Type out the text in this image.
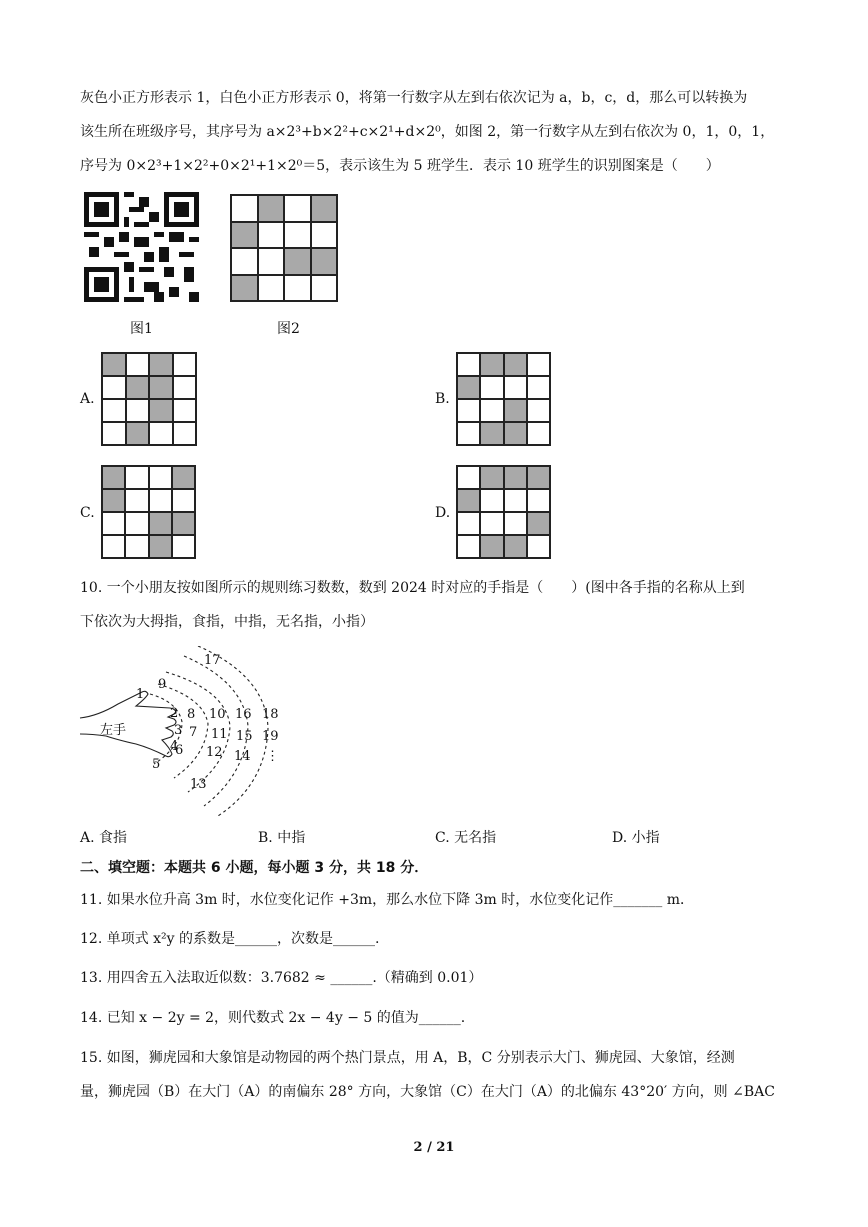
灰色小正方形表示 1，白色小正方形表示 0，将第一行数字从左到右依次记为 a，b，c，d，那么可以转换为
该生所在班级序号，其序号为 a×2³+b×2²+c×2¹+d×2⁰，如图 2，第一行数字从左到右依次为 0，1，0，1，
序号为 0×2³+1×2²+0×2¹+1×2⁰＝5，表示该生为 5 班学生．表示 10 班学生的识别图案是（　　）
图1	图2
A.	B.
C.	D.
10. 一个小朋友按如图所示的规则练习数数，数到 2024 时对应的手指是（　　）(图中各手指的名称从上到
下依次为大拇指，食指，中指，无名指，小指）
左手
1
2
3
4
5
6
7
8
9
10
11
12
13
14
15
16
17
18
19
⋮
A. 食指	B. 中指	C. 无名指	D. 小指
二、填空题：本题共 6 小题，每小题 3 分，共 18 分．
11. 如果水位升高 3m 时，水位变化记作 +3m，那么水位下降 3m 时，水位变化记作_______ m．
12. 单项式 x²y 的系数是______，次数是______.
13. 用四舍五入法取近似数：3.7682 ≈ ______.（精确到 0.01）
14. 已知 x − 2y = 2，则代数式 2x − 4y − 5 的值为______.
15. 如图，狮虎园和大象馆是动物园的两个热门景点，用 A，B，C 分别表示大门、狮虎园、大象馆，经测
量，狮虎园（B）在大门（A）的南偏东 28° 方向，大象馆（C）在大门（A）的北偏东 43°20′ 方向，则 ∠BAC
2 / 21
